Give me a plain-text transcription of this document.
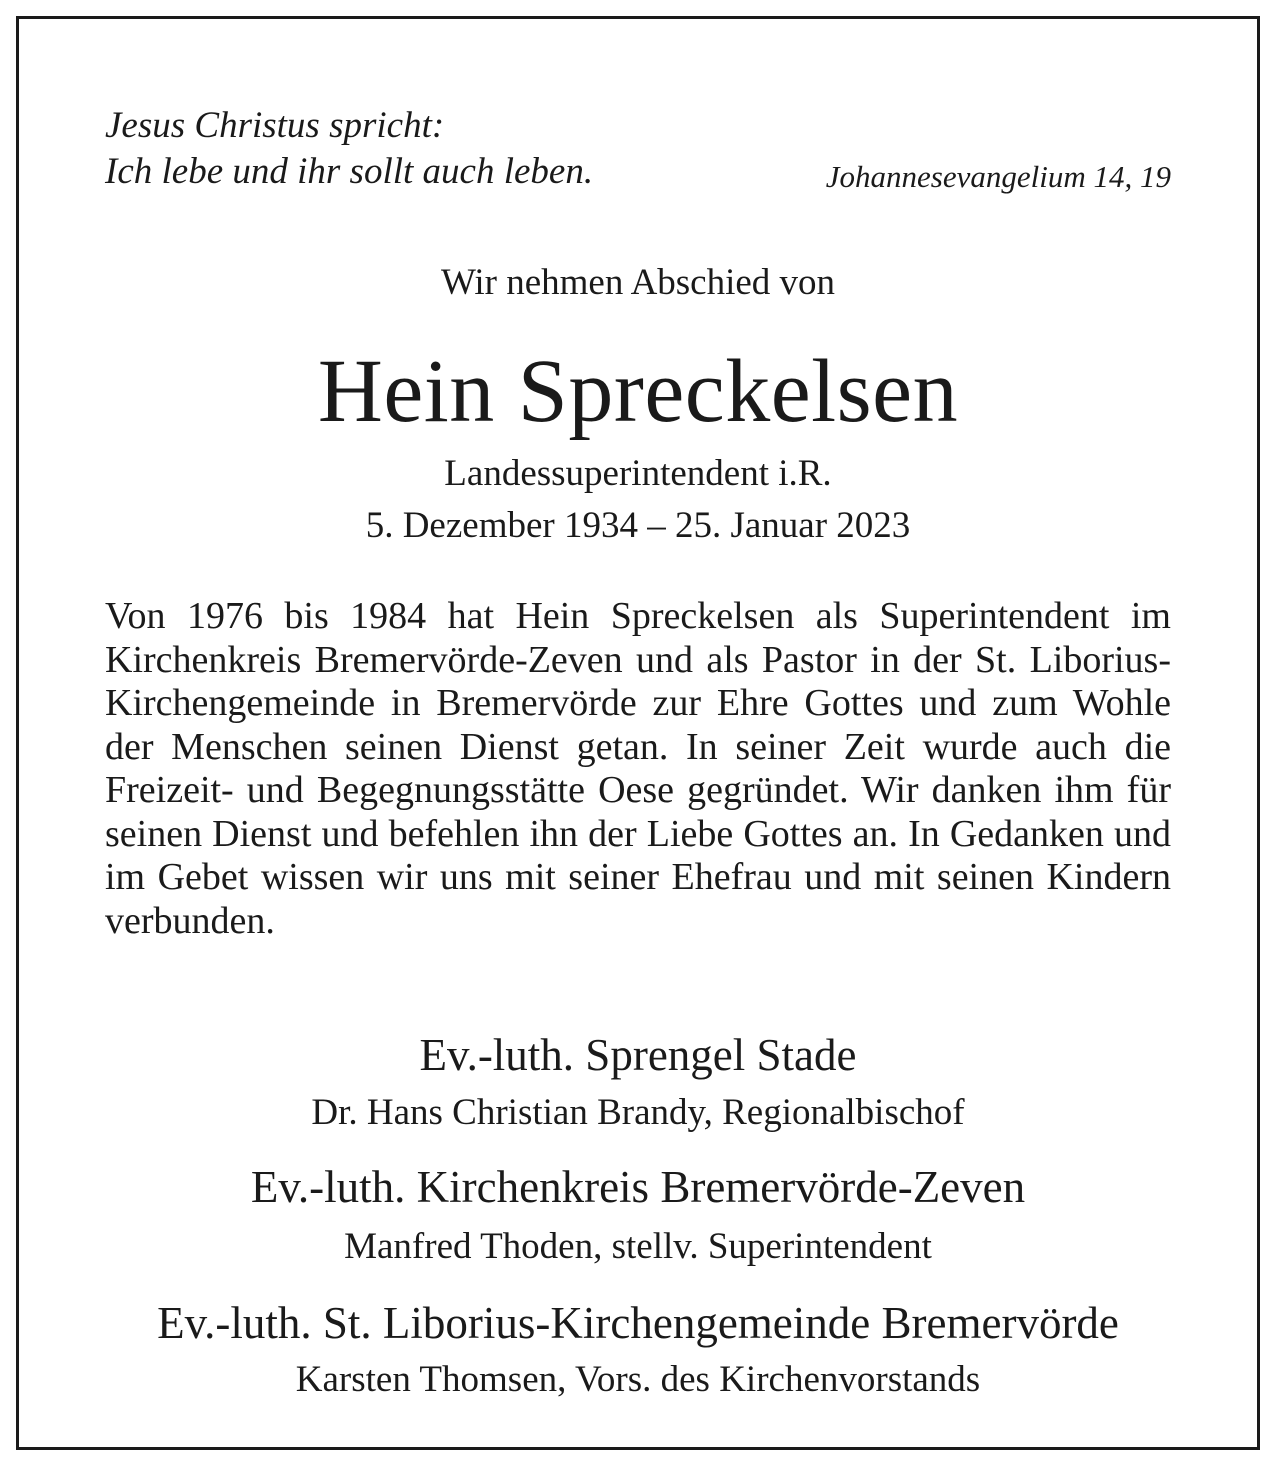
Jesus Christus spricht:
Ich lebe und ihr sollt auch leben.	Johannesevangelium 14, 19
Wir nehmen Abschied von
Hein Spreckelsen
Landessuperintendent i.R.
5. Dezember 1934 – 25. Januar 2023
Von 1976 bis 1984 hat Hein Spreckelsen als Superintendent im Kirchenkreis Bremervörde-Zeven und als Pastor in der St. Liborius-Kirchengemeinde in Bremervörde zur Ehre Gottes und zum Wohle der Menschen seinen Dienst getan. In seiner Zeit wurde auch die Freizeit- und Begegnungsstätte Oese gegründet. Wir danken ihm für seinen Dienst und befehlen ihn der Liebe Gottes an. In Gedanken und im Gebet wissen wir uns mit seiner Ehefrau und mit seinen Kindern verbunden.
Ev.-luth. Sprengel Stade
Dr. Hans Christian Brandy, Regionalbischof
Ev.-luth. Kirchenkreis Bremervörde-Zeven
Manfred Thoden, stellv. Superintendent
Ev.-luth. St. Liborius-Kirchengemeinde Bremervörde
Karsten Thomsen, Vors. des Kirchenvorstands
